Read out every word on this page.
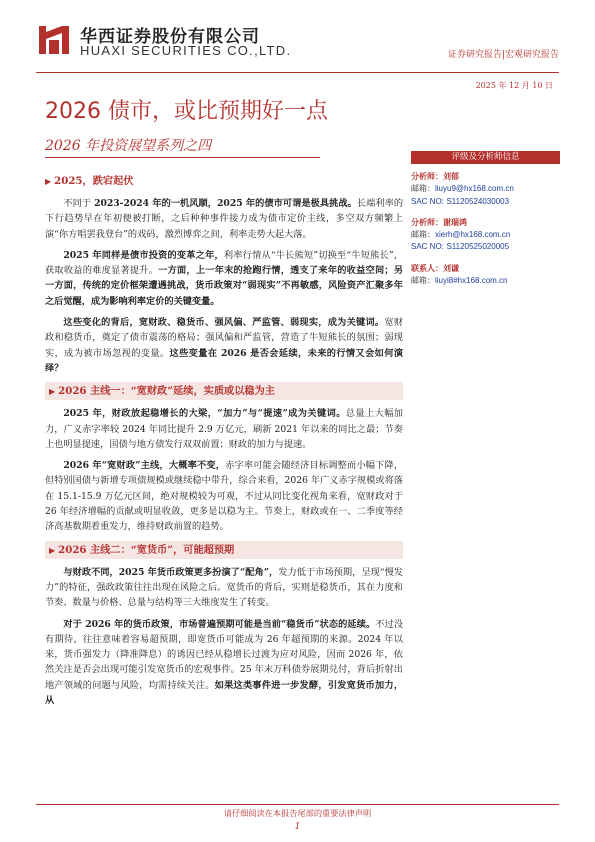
华西证券股份有限公司
HUAXI SECURITIES CO.,LTD.	证券研究报告|宏观研究报告
2025 年 12 月 10 日
2026 债市，或比预期好一点
2026 年投资展望系列之四
▶ 2025，跌宕起伏

不同于 2023-2024 年的一机风顺，2025 年的债市可谓是极具挑战。长端利率的下行趋势早在年初便被打断，之后种种事件接力成为债市定价主线，多空双方频繁上演“你方唱罢我登台”的戏码，激烈博弈之间，利率走势大起大落。

2025 年同样是债市投资的变革之年，利率行情从“牛长熊短”切换至“牛短熊长”，获取收益的难度显著提升。一方面，上一年末的抢跑行情，透支了来年的收益空间；另一方面，传统的定价框架遭遇挑战，货币政策对“弱现实”不再敏感，风险资产汇聚多年之后觉醒，成为影响利率定价的关键变量。

这些变化的背后，宽财政、稳货币、强风偏、严监管、弱现实，成为关键词。宽财政和稳货币，奠定了债市震荡的格局；强风偏和严监管，营造了牛短熊长的氛围；弱现实，成为被市场忽视的变量。这些变量在 2026 是否会延续，未来的行情又会如何演绎？

▶ 2026 主线一：“宽财政”延续，实质或以稳为主

2025 年，财政放起稳增长的大梁，“加力”与“提速”成为关键词。总量上大幅加力，广义赤字率较 2024 年同比提升 2.9 万亿元，刷新 2021 年以来的同比之最；节奏上也明显提速，国债与地方债发行双双前置；财政的加力与提速。

2026 年“宽财政”主线，大概率不变，赤字率可能会随经济目标调整而小幅下降，但特别国债与新增专项债规模或继续稳中带升，综合来看，2026 年广义赤字规模或将落在 15.1-15.9 万亿元区间，绝对规模较为可观，不过从同比变化视角来看，宽财政对于 26 年经济增幅的贡献或明显收敛，更多是以稳为主。节奏上，财政或在一、二季度等经济高基数期着重发力，维持财政前置的趋势。

▶ 2026 主线二：“宽货币”，可能超预期

与财政不同，2025 年货币政策更多扮演了“配角”，发力低于市场预期，呈现“慢发力”的特征，强政政策往往出现在风险之后。宽货币的背后，实则是稳货币，其在力度和节奏、数量与价格、总量与结构等三大维度发生了转变。

对于 2026 年的货币政策，市场普遍预期可能是当前“稳货币”状态的延续。不过没有期待，往往意味着容易超预期，即宽货币可能成为 26 年超预期的来源。2024 年以来，货币强发力（降准降息）的诱因已经从稳增长过渡为应对风险，因而 2026 年，依然关注是否会出现可能引发宽货币的宏观事件。25 年末万科债券展期兑付，背后折射出地产领域的问题与风险，均需持续关注。如果这类事件进一步发酵，引发宽货币加力，从

评级及分析师信息
分析师：刘郁
邮箱：liuyu9@hx168.com.cn
SAC NO: S1120524030003
分析师：谢瑞鸿
邮箱：xierh@hx168.com.cn
SAC NO: S1120525020005
联系人：刘谦
邮箱：liuyi8#hx168.com.cn
请仔细阅读在本报告尾部的重要法律声明
1
